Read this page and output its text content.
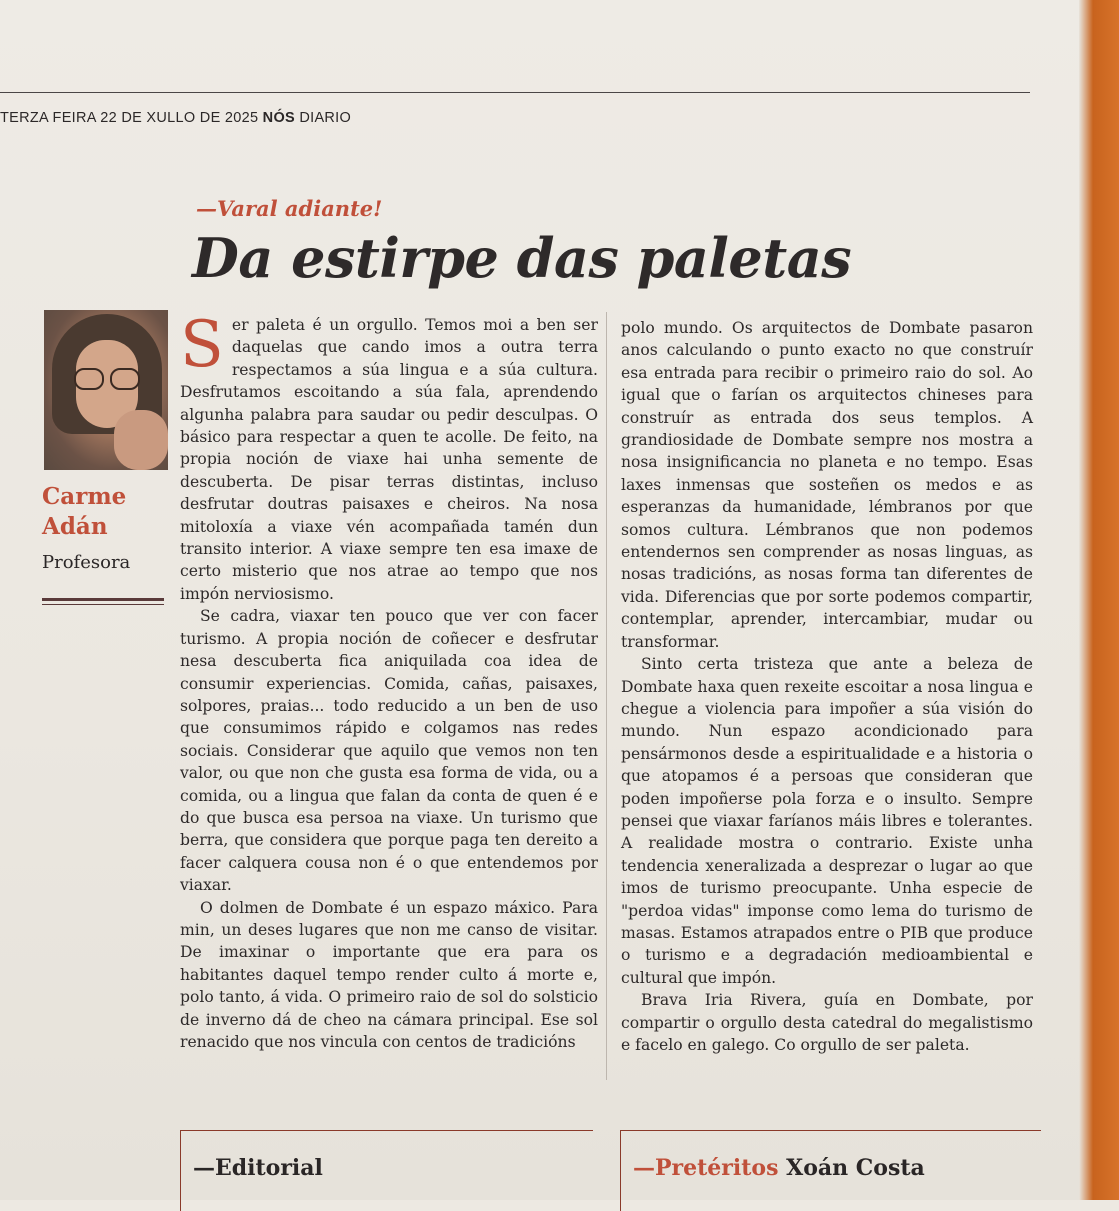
TERZA FEIRA 22 DE XULLO DE 2025 NÓS DIARIO
—Varal adiante!
Da estirpe das paletas
Carme Adán
Profesora

Ser paleta é un orgullo. Temos moi a ben ser daquelas que cando imos a outra terra respectamos a súa lingua e a súa cultura. Desfrutamos escoitando a súa fala, aprendendo algunha palabra para saudar ou pedir desculpas. O básico para respectar a quen te acolle. De feito, na propia noción de viaxe hai unha semente de descuberta. De pisar terras distintas, incluso desfrutar doutras paisaxes e cheiros. Na nosa mitoloxía a viaxe vén acompañada tamén dun transito interior. A viaxe sempre ten esa imaxe de certo misterio que nos atrae ao tempo que nos impón nerviosismo.

Se cadra, viaxar ten pouco que ver con facer turismo. A propia noción de coñecer e desfrutar nesa descuberta fica aniquilada coa idea de consumir experiencias. Comida, cañas, paisaxes, solpores, praias... todo reducido a un ben de uso que consumimos rápido e colgamos nas redes sociais. Considerar que aquilo que vemos non ten valor, ou que non che gusta esa forma de vida, ou a comida, ou a lingua que falan da conta de quen é e do que busca esa persoa na viaxe. Un turismo que berra, que considera que porque paga ten dereito a facer calquera cousa non é o que entendemos por viaxar.

O dolmen de Dombate é un espazo máxico. Para min, un deses lugares que non me canso de visitar. De imaxinar o importante que era para os habitantes daquel tempo render culto á morte e, polo tanto, á vida. O primeiro raio de sol do solsticio de inverno dá de cheo na cámara principal. Ese sol renacido que nos vincula con centos de tradicións

polo mundo. Os arquitectos de Dombate pasaron anos calculando o punto exacto no que construír esa entrada para recibir o primeiro raio do sol. Ao igual que o farían os arquitectos chineses para construír as entrada dos seus templos. A grandiosidade de Dombate sempre nos mostra a nosa insignificancia no planeta e no tempo. Esas laxes inmensas que sosteñen os medos e as esperanzas da humanidade, lémbranos por que somos cultura. Lémbranos que non podemos entendernos sen comprender as nosas linguas, as nosas tradicións, as nosas forma tan diferentes de vida. Diferencias que por sorte podemos compartir, contemplar, aprender, intercambiar, mudar ou transformar.

Sinto certa tristeza que ante a beleza de Dombate haxa quen rexeite escoitar a nosa lingua e chegue a violencia para impoñer a súa visión do mundo. Nun espazo acondicionado para pensármonos desde a espiritualidade e a historia o que atopamos é a persoas que consideran que poden impoñerse pola forza e o insulto. Sempre pensei que viaxar faríanos máis libres e tolerantes. A realidade mostra o contrario. Existe unha tendencia xeneralizada a desprezar o lugar ao que imos de turismo preocupante. Unha especie de "perdoa vidas" imponse como lema do turismo de masas. Estamos atrapados entre o PIB que produce o turismo e a degradación medioambiental e cultural que impón.

Brava Iria Rivera, guía en Dombate, por compartir o orgullo desta catedral do megalistismo e facelo en galego. Co orgullo de ser paleta.

—Editorial	—Pretéritos Xoán Costa
